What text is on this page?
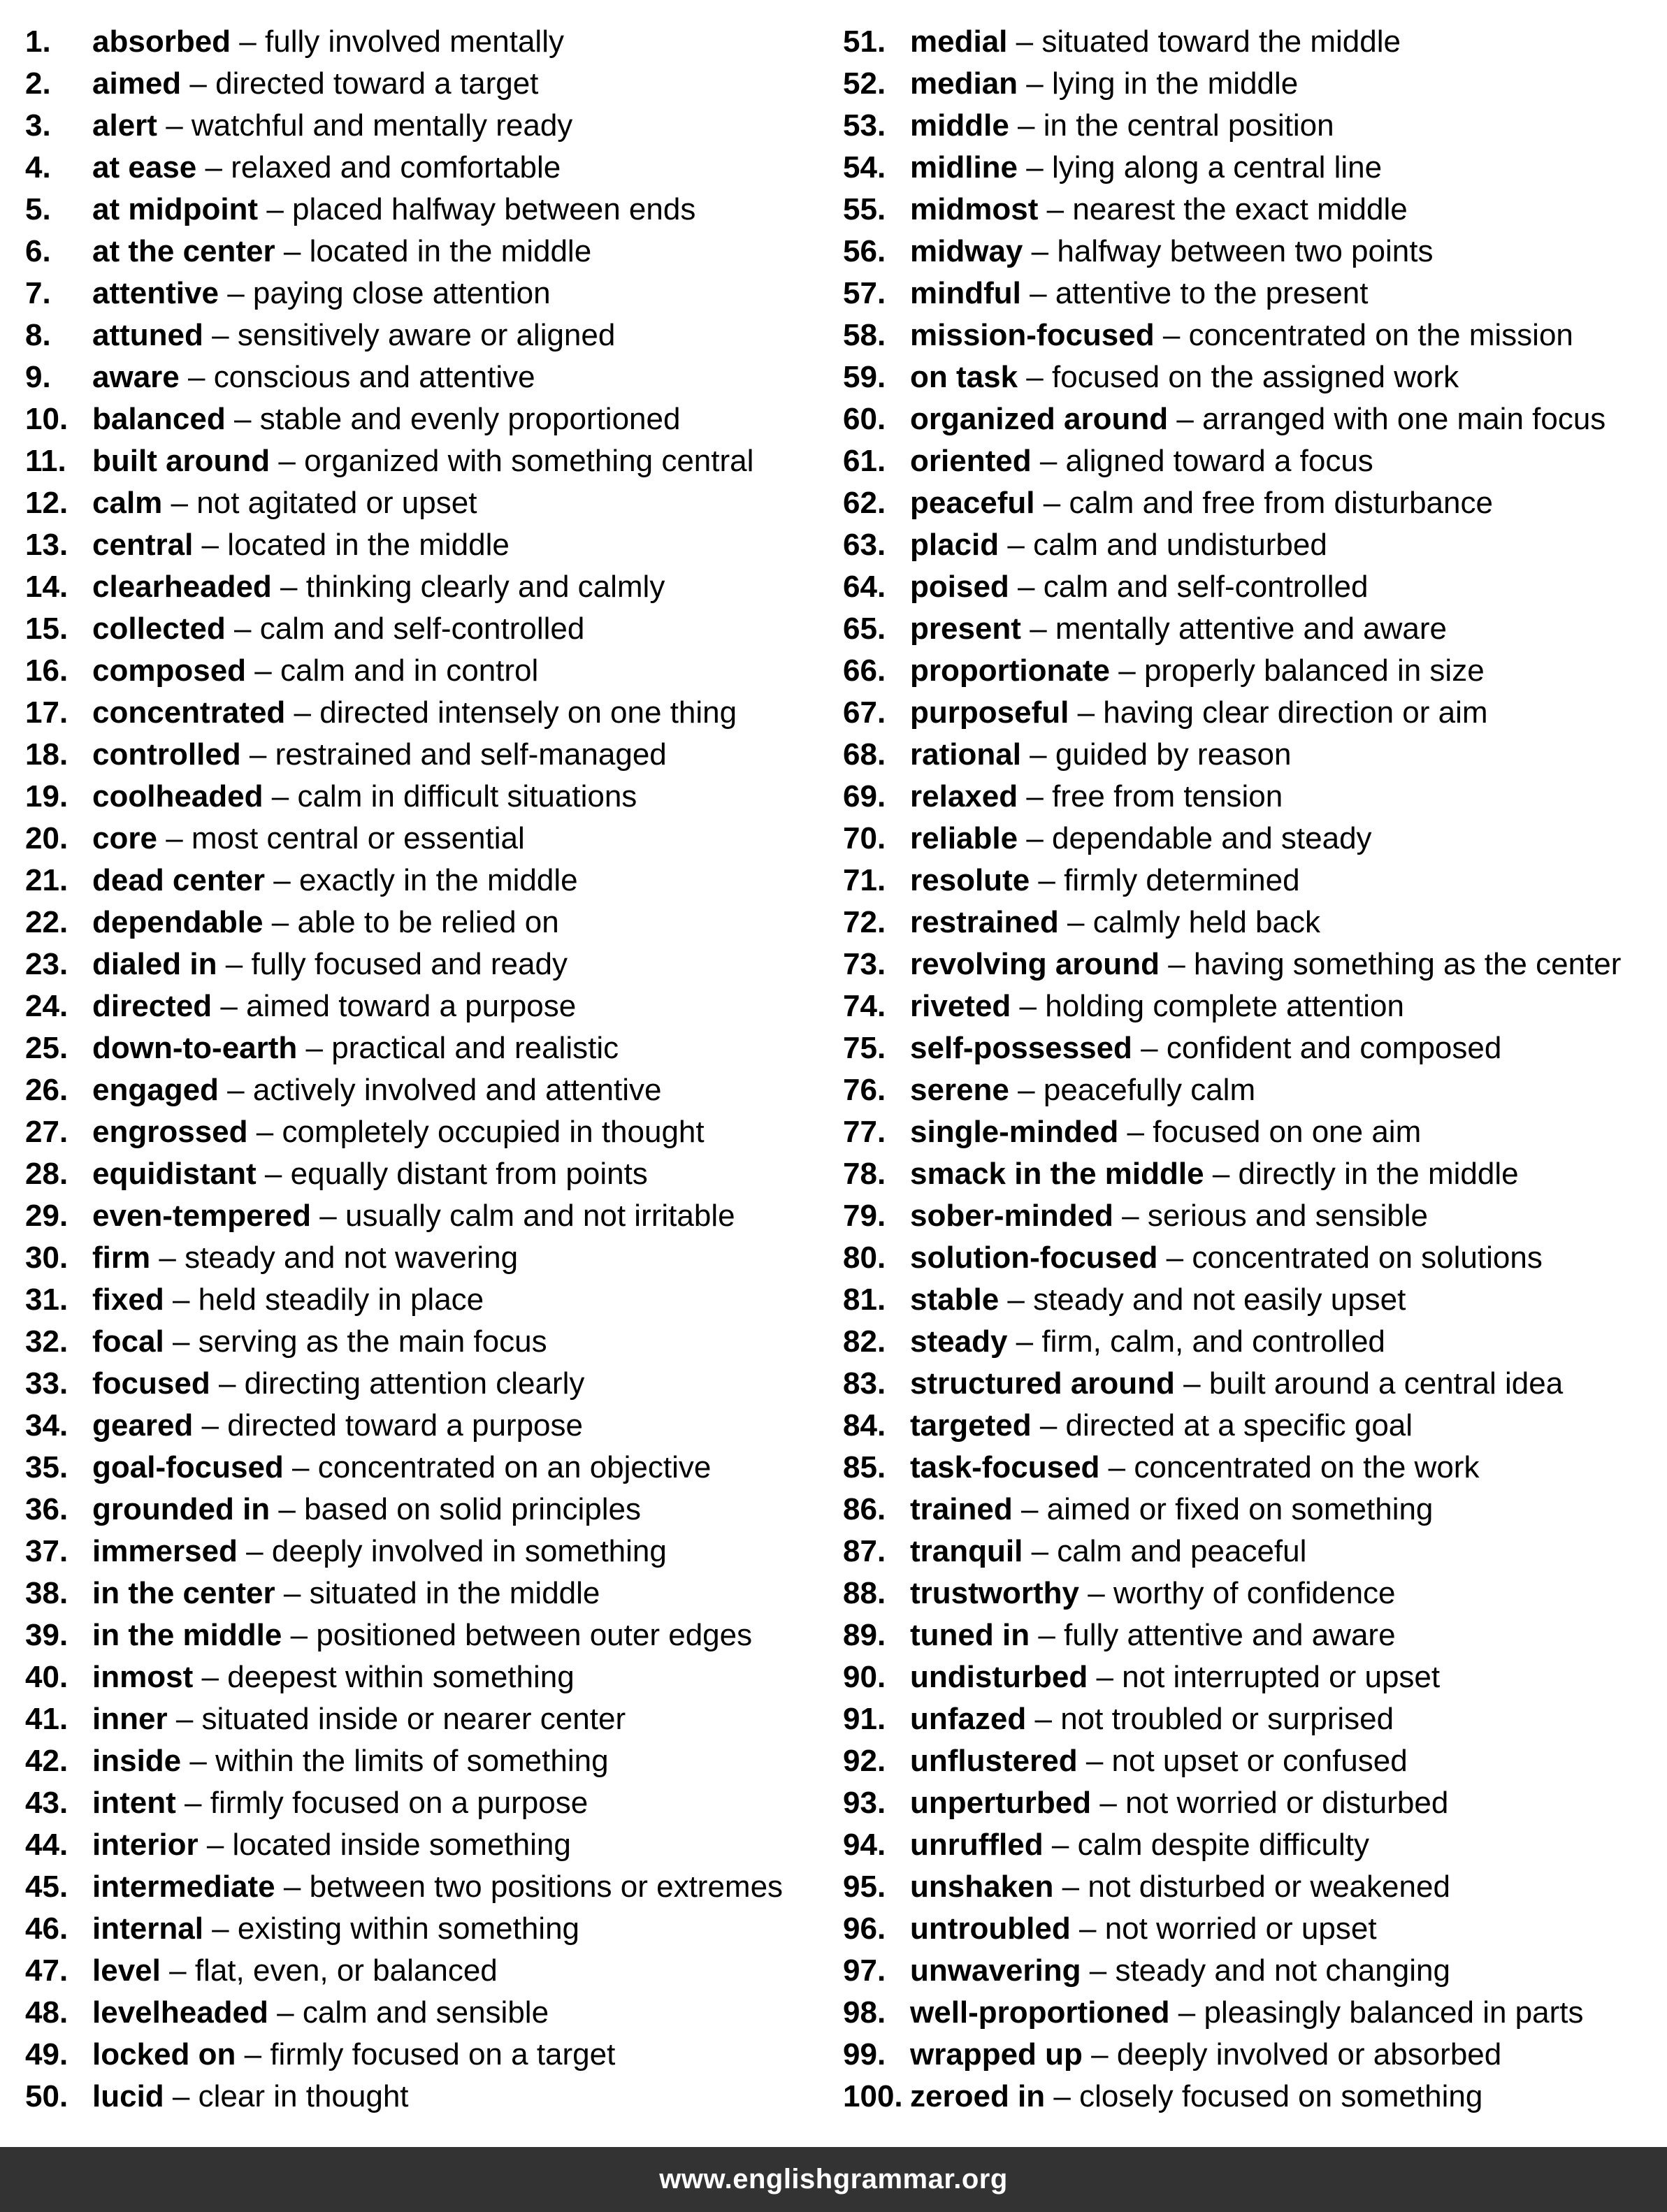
1.	absorbed – fully involved mentally
2.	aimed – directed toward a target
3.	alert – watchful and mentally ready
4.	at ease – relaxed and comfortable
5.	at midpoint – placed halfway between ends
6.	at the center – located in the middle
7.	attentive – paying close attention
8.	attuned – sensitively aware or aligned
9.	aware – conscious and attentive
10. balanced – stable and evenly proportioned
11. built around – organized with something central
12. calm – not agitated or upset
13. central – located in the middle
14. clearheaded – thinking clearly and calmly
15. collected – calm and self-controlled
16. composed – calm and in control
17. concentrated – directed intensely on one thing
18. controlled – restrained and self-managed
19. coolheaded – calm in difficult situations
20. core – most central or essential
21. dead center – exactly in the middle
22. dependable – able to be relied on
23. dialed in – fully focused and ready
24. directed – aimed toward a purpose
25. down-to-earth – practical and realistic
26. engaged – actively involved and attentive
27. engrossed – completely occupied in thought
28. equidistant – equally distant from points
29. even-tempered – usually calm and not irritable
30. firm – steady and not wavering
31. fixed – held steadily in place
32. focal – serving as the main focus
33. focused – directing attention clearly
34. geared – directed toward a purpose
35. goal-focused – concentrated on an objective
36. grounded in – based on solid principles
37. immersed – deeply involved in something
38. in the center – situated in the middle
39. in the middle – positioned between outer edges
40. inmost – deepest within something
41. inner – situated inside or nearer center
42. inside – within the limits of something
43. intent – firmly focused on a purpose
44. interior – located inside something
45. intermediate – between two positions or extremes
46. internal – existing within something
47. level – flat, even, or balanced
48. levelheaded – calm and sensible
49. locked on – firmly focused on a target
50. lucid – clear in thought
51. medial – situated toward the middle
52. median – lying in the middle
53. middle – in the central position
54. midline – lying along a central line
55. midmost – nearest the exact middle
56. midway – halfway between two points
57. mindful – attentive to the present
58. mission-focused – concentrated on the mission
59. on task – focused on the assigned work
60. organized around – arranged with one main focus
61. oriented – aligned toward a focus
62. peaceful – calm and free from disturbance
63. placid – calm and undisturbed
64. poised – calm and self-controlled
65. present – mentally attentive and aware
66. proportionate – properly balanced in size
67. purposeful – having clear direction or aim
68. rational – guided by reason
69. relaxed – free from tension
70. reliable – dependable and steady
71. resolute – firmly determined
72. restrained – calmly held back
73. revolving around – having something as the center
74. riveted – holding complete attention
75. self-possessed – confident and composed
76. serene – peacefully calm
77. single-minded – focused on one aim
78. smack in the middle – directly in the middle
79. sober-minded – serious and sensible
80. solution-focused – concentrated on solutions
81. stable – steady and not easily upset
82. steady – firm, calm, and controlled
83. structured around – built around a central idea
84. targeted – directed at a specific goal
85. task-focused – concentrated on the work
86. trained – aimed or fixed on something
87. tranquil – calm and peaceful
88. trustworthy – worthy of confidence
89. tuned in – fully attentive and aware
90. undisturbed – not interrupted or upset
91. unfazed – not troubled or surprised
92. unflustered – not upset or confused
93. unperturbed – not worried or disturbed
94. unruffled – calm despite difficulty
95. unshaken – not disturbed or weakened
96. untroubled – not worried or upset
97. unwavering – steady and not changing
98. well-proportioned – pleasingly balanced in parts
99. wrapped up – deeply involved or absorbed
100. zeroed in – closely focused on something
www.englishgrammar.org
